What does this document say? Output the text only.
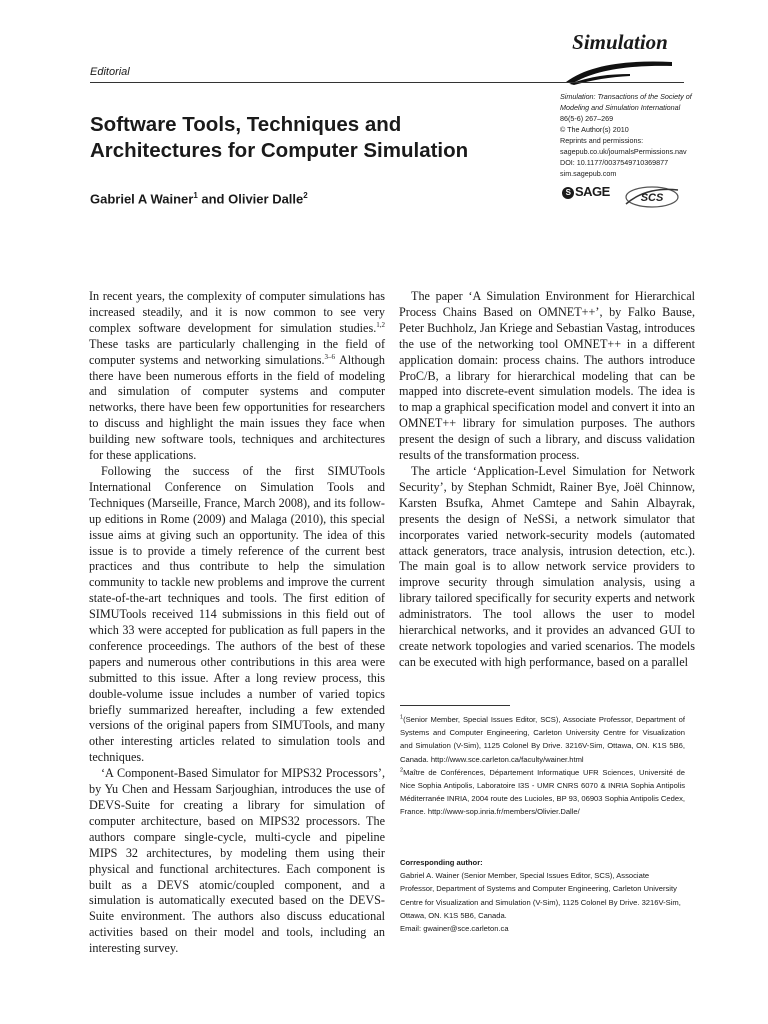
Simulation
Editorial
Software Tools, Techniques and Architectures for Computer Simulation
Gabriel A Wainer$^1$ and Olivier Dalle$^2$
Simulation: Transactions of the Society of
Modeling and Simulation International
86(5-6) 267–269
© The Author(s) 2010
Reprints and permissions:
sagepub.co.uk/journalsPermissions.nav
DOI: 10.1177/0037549710369877
sim.sagepub.com
S SAGE	SCS

In recent years, the complexity of computer simulations has increased steadily, and it is now common to see very complex software development for simulation studies.$^{1,2}$ These tasks are particularly challenging in the field of computer systems and networking simulations.$^{3-6}$ Although there have been numerous efforts in the field of modeling and simulation of computer systems and computer networks, there have been few opportunities for researchers to discuss and highlight the main issues they face when building new software tools, techniques and architectures for these applications.

Following the success of the first SIMUTools International Conference on Simulation Tools and Techniques (Marseille, France, March 2008), and its follow-up editions in Rome (2009) and Malaga (2010), this special issue aims at giving such an opportunity. The idea of this issue is to provide a timely reference of the current best practices and thus contribute to help the simulation community to tackle new problems and improve the current state-of-the-art techniques and tools. The first edition of SIMUTools received 114 submissions in this field out of which 33 were accepted for publication as full papers in the conference proceedings. The authors of the best of these papers and numerous other contributions in this area were submitted to this issue. After a long review process, this double-volume issue includes a number of varied topics briefly summarized hereafter, including a few extended versions of the original papers from SIMUTools, and many other interesting articles related to simulation tools and techniques.

‘A Component-Based Simulator for MIPS32 Processors’, by Yu Chen and Hessam Sarjoughian, introduces the use of DEVS-Suite for creating a library for simulation of computer architecture, based on MIPS32 processors. The authors compare single-cycle, multi-cycle and pipeline MIPS 32 architectures, by modeling them using their physical and functional architectures. Each component is built as a DEVS atomic/coupled component, and a simulation is automatically executed based on the DEVS-Suite environment. The authors also discuss educational activities based on their model and tools, including an interesting survey.

The paper ‘A Simulation Environment for Hierarchical Process Chains Based on OMNET++’, by Falko Bause, Peter Buchholz, Jan Kriege and Sebastian Vastag, introduces the use of the networking tool OMNET++ in a different application domain: process chains. The authors introduce ProC/B, a library for hierarchical modeling that can be mapped into discrete-event simulation models. The idea is to map a graphical specification model and convert it into an OMNET++ library for simulation purposes. The authors present the design of such a library, and discuss validation results of the transformation process.

The article ‘Application-Level Simulation for Network Security’, by Stephan Schmidt, Rainer Bye, Joël Chinnow, Karsten Bsufka, Ahmet Camtepe and Sahin Albayrak, presents the design of NeSSi, a network simulator that incorporates varied network-security models (automated attack generators, trace analysis, intrusion detection, etc.). The main goal is to allow network service providers to improve security through simulation analysis, using a library tailored specifically for security experts and network administrators. The tool allows the user to model hierarchical networks, and it provides an advanced GUI to create network topologies and varied scenarios. The models can be executed with high performance, based on a parallel

$^1$(Senior Member, Special Issues Editor, SCS), Associate Professor, Department of Systems and Computer Engineering, Carleton University Centre for Visualization and Simulation (V-Sim), 1125 Colonel By Drive. 3216V-Sim, Ottawa, ON. K1S 5B6, Canada. http://www.sce.carleton.ca/faculty/wainer.html

$^2$Maître de Conférences, Département Informatique UFR Sciences, Université de Nice Sophia Antipolis, Laboratoire I3S - UMR CNRS 6070 & INRIA Sophia Antipolis Méditerranée INRIA, 2004 route des Lucioles, BP 93, 06903 Sophia Antipolis Cedex, France. http://www-sop.inria.fr/members/Olivier.Dalle/

Corresponding author:

Gabriel A. Wainer (Senior Member, Special Issues Editor, SCS), Associate Professor, Department of Systems and Computer Engineering, Carleton University Centre for Visualization and Simulation (V-Sim), 1125 Colonel By Drive. 3216V-Sim, Ottawa, ON. K1S 5B6, Canada.

Email: gwainer@sce.carleton.ca
